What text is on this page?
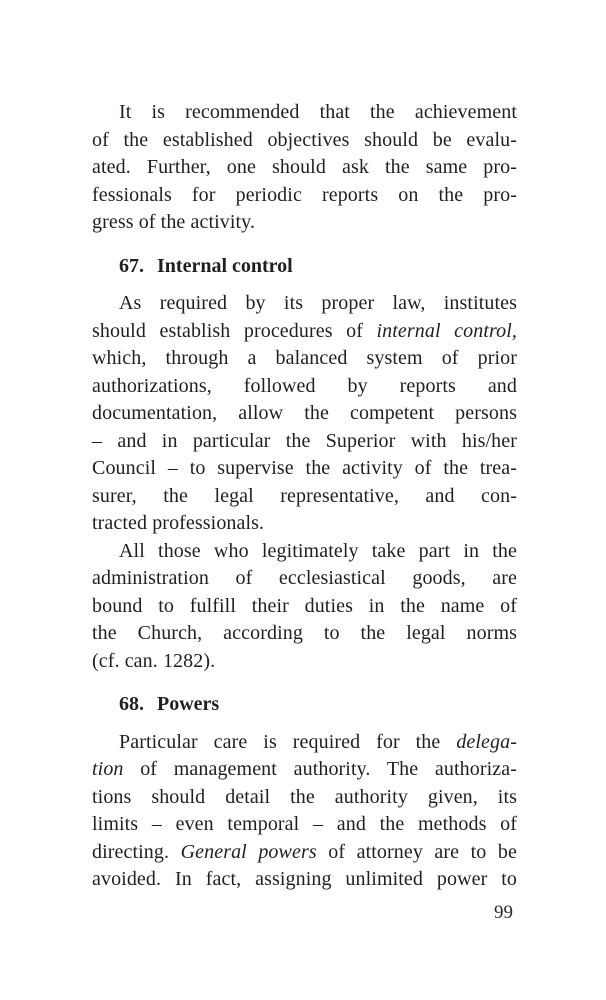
It is recommended that the achievement
of the established objectives should be evalu-
ated. Further, one should ask the same pro-
fessionals for periodic reports on the pro-
gress of the activity.
67. Internal control
As required by its proper law, institutes
should establish procedures of internal control,
which, through a balanced system of prior
authorizations, followed by reports and
documentation, allow the competent persons
– and in particular the Superior with his/her
Council – to supervise the activity of the trea-
surer, the legal representative, and con-
tracted professionals.
All those who legitimately take part in the
administration of ecclesiastical goods, are
bound to fulfill their duties in the name of
the Church, according to the legal norms
(cf. can. 1282).
68. Powers
Particular care is required for the delega-
tion of management authority. The authoriza-
tions should detail the authority given, its
limits – even temporal – and the methods of
directing. General powers of attorney are to be
avoided. In fact, assigning unlimited power to
99
